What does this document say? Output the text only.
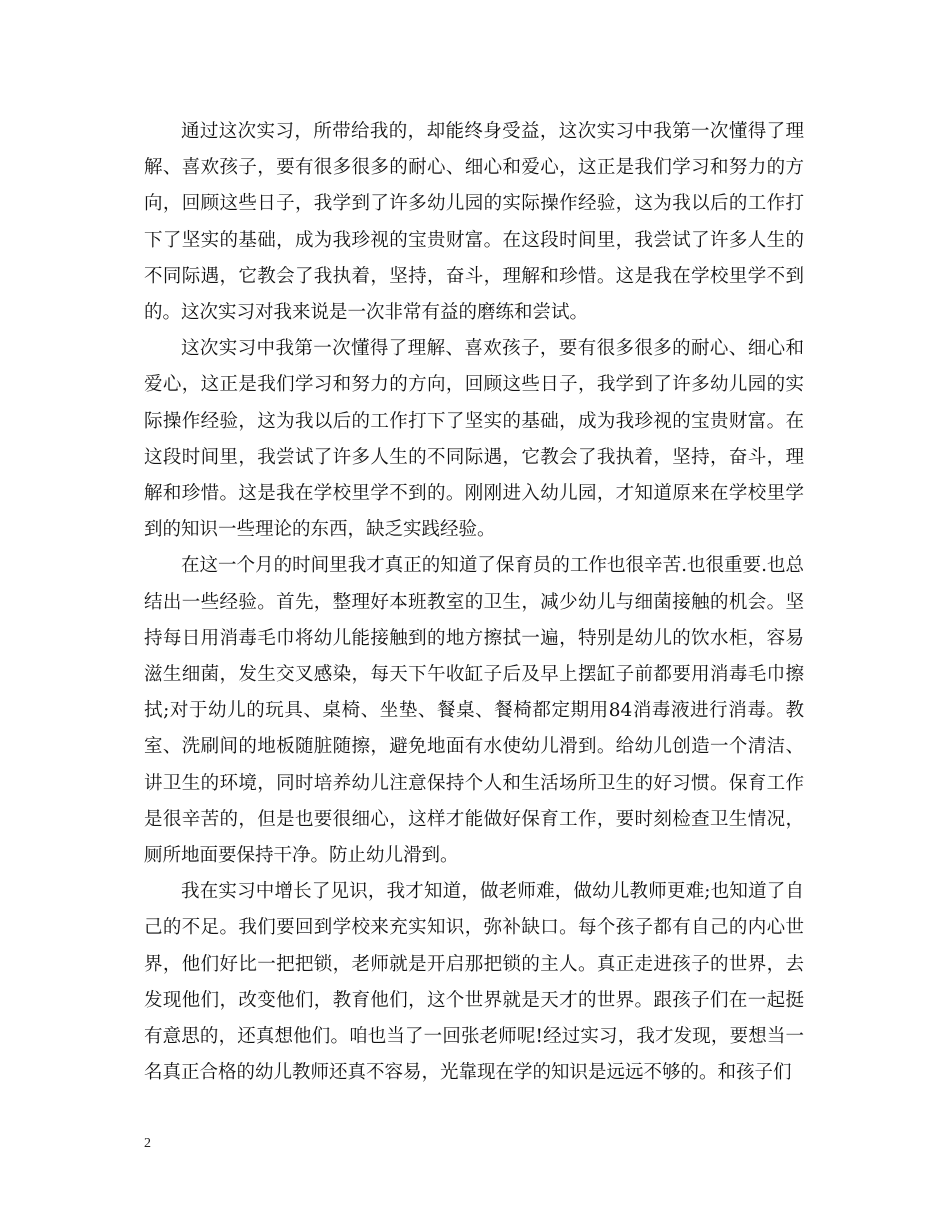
通过这次实习，所带给我的，却能终身受益，这次实习中我第一次懂得了理解、喜欢孩子，要有很多很多的耐心、细心和爱心，这正是我们学习和努力的方向，回顾这些日子，我学到了许多幼儿园的实际操作经验，这为我以后的工作打下了坚实的基础，成为我珍视的宝贵财富。在这段时间里，我尝试了许多人生的不同际遇，它教会了我执着，坚持，奋斗，理解和珍惜。这是我在学校里学不到的。这次实习对我来说是一次非常有益的磨练和尝试。

这次实习中我第一次懂得了理解、喜欢孩子，要有很多很多的耐心、细心和爱心，这正是我们学习和努力的方向，回顾这些日子，我学到了许多幼儿园的实际操作经验，这为我以后的工作打下了坚实的基础，成为我珍视的宝贵财富。在这段时间里，我尝试了许多人生的不同际遇，它教会了我执着，坚持，奋斗，理解和珍惜。这是我在学校里学不到的。刚刚进入幼儿园，才知道原来在学校里学到的知识一些理论的东西，缺乏实践经验。

在这一个月的时间里我才真正的知道了保育员的工作也很辛苦.也很重要.也总结出一些经验。首先，整理好本班教室的卫生，减少幼儿与细菌接触的机会。坚持每日用消毒毛巾将幼儿能接触到的地方擦拭一遍，特别是幼儿的饮水柜，容易滋生细菌，发生交叉感染，每天下午收缸子后及早上摆缸子前都要用消毒毛巾擦拭;对于幼儿的玩具、桌椅、坐垫、餐桌、餐椅都定期用84消毒液进行消毒。教室、洗刷间的地板随脏随擦，避免地面有水使幼儿滑到。给幼儿创造一个清洁、讲卫生的环境，同时培养幼儿注意保持个人和生活场所卫生的好习惯。保育工作是很辛苦的，但是也要很细心，这样才能做好保育工作，要时刻检查卫生情况，厕所地面要保持干净。防止幼儿滑到。

我在实习中增长了见识，我才知道，做老师难，做幼儿教师更难;也知道了自己的不足。我们要回到学校来充实知识，弥补缺口。每个孩子都有自己的内心世界，他们好比一把把锁，老师就是开启那把锁的主人。真正走进孩子的世界，去发现他们，改变他们，教育他们，这个世界就是天才的世界。跟孩子们在一起挺有意思的，还真想他们。咱也当了一回张老师呢!经过实习，我才发现，要想当一名真正合格的幼儿教师还真不容易，光靠现在学的知识是远远不够的。和孩子们

2
